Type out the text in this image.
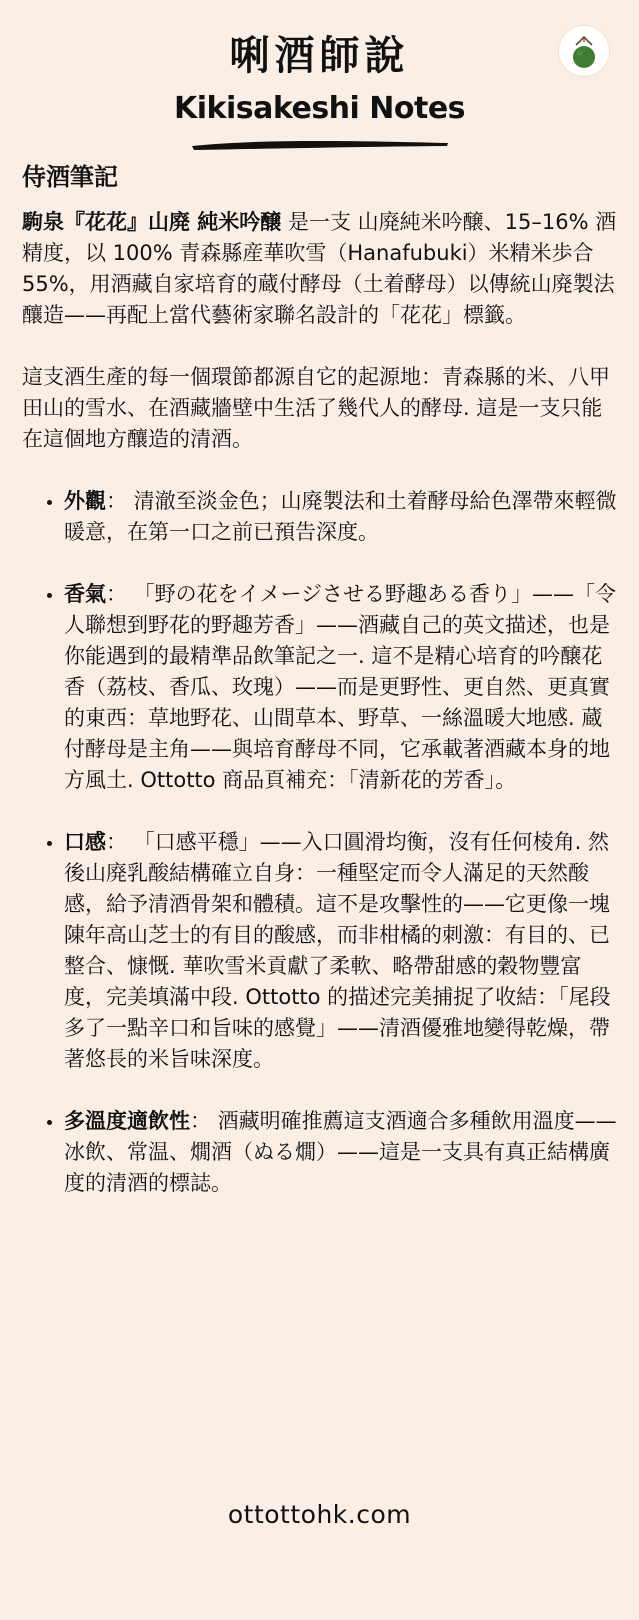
唎酒師說
Kikisakeshi Notes
侍酒筆記

駒泉『花花』山廃 純米吟醸 是一支 山廃純米吟醸、15–16% 酒精度，以 100% 青森縣産華吹雪（Hanafubuki）米精米歩合 55%，用酒藏自家培育的蔵付酵母（土着酵母）以傳統山廃製法釀造——再配上當代藝術家聯名設計的「花花」標籤。

這支酒生產的每一個環節都源自它的起源地：青森縣的米、八甲田山的雪水、在酒藏牆壁中生活了幾代人的酵母. 這是一支只能在這個地方釀造的清酒。

• 外觀： 清澈至淡金色；山廃製法和土着酵母給色澤帶來輕微暖意，在第一口之前已預告深度。
• 香氣： 「野の花をイメージさせる野趣ある香り」——「令人聯想到野花的野趣芳香」——酒藏自己的英文描述，也是你能遇到的最精準品飲筆記之一. 這不是精心培育的吟醸花香（荔枝、香瓜、玫瑰）——而是更野性、更自然、更真實的東西：草地野花、山間草本、野草、一絲溫暖大地感. 蔵付酵母是主角——與培育酵母不同，它承載著酒藏本身的地方風土. Ottotto 商品頁補充：「清新花的芳香」。
• 口感： 「口感平穩」——入口圓滑均衡，沒有任何棱角. 然後山廃乳酸結構確立自身：一種堅定而令人滿足的天然酸感，給予清酒骨架和體積。這不是攻擊性的——它更像一塊陳年高山芝士的有目的酸感，而非柑橘的刺激：有目的、已整合、慷慨. 華吹雪米貢獻了柔軟、略帶甜感的穀物豐富度，完美填滿中段. Ottotto 的描述完美捕捉了收結：「尾段多了一點辛口和旨味的感覺」——清酒優雅地變得乾燥，帶著悠長的米旨味深度。
• 多溫度適飲性： 酒藏明確推薦這支酒適合多種飲用溫度——冰飲、常温、燗酒（ぬる燗）——這是一支具有真正結構廣度的清酒的標誌。
ottottohk.com
